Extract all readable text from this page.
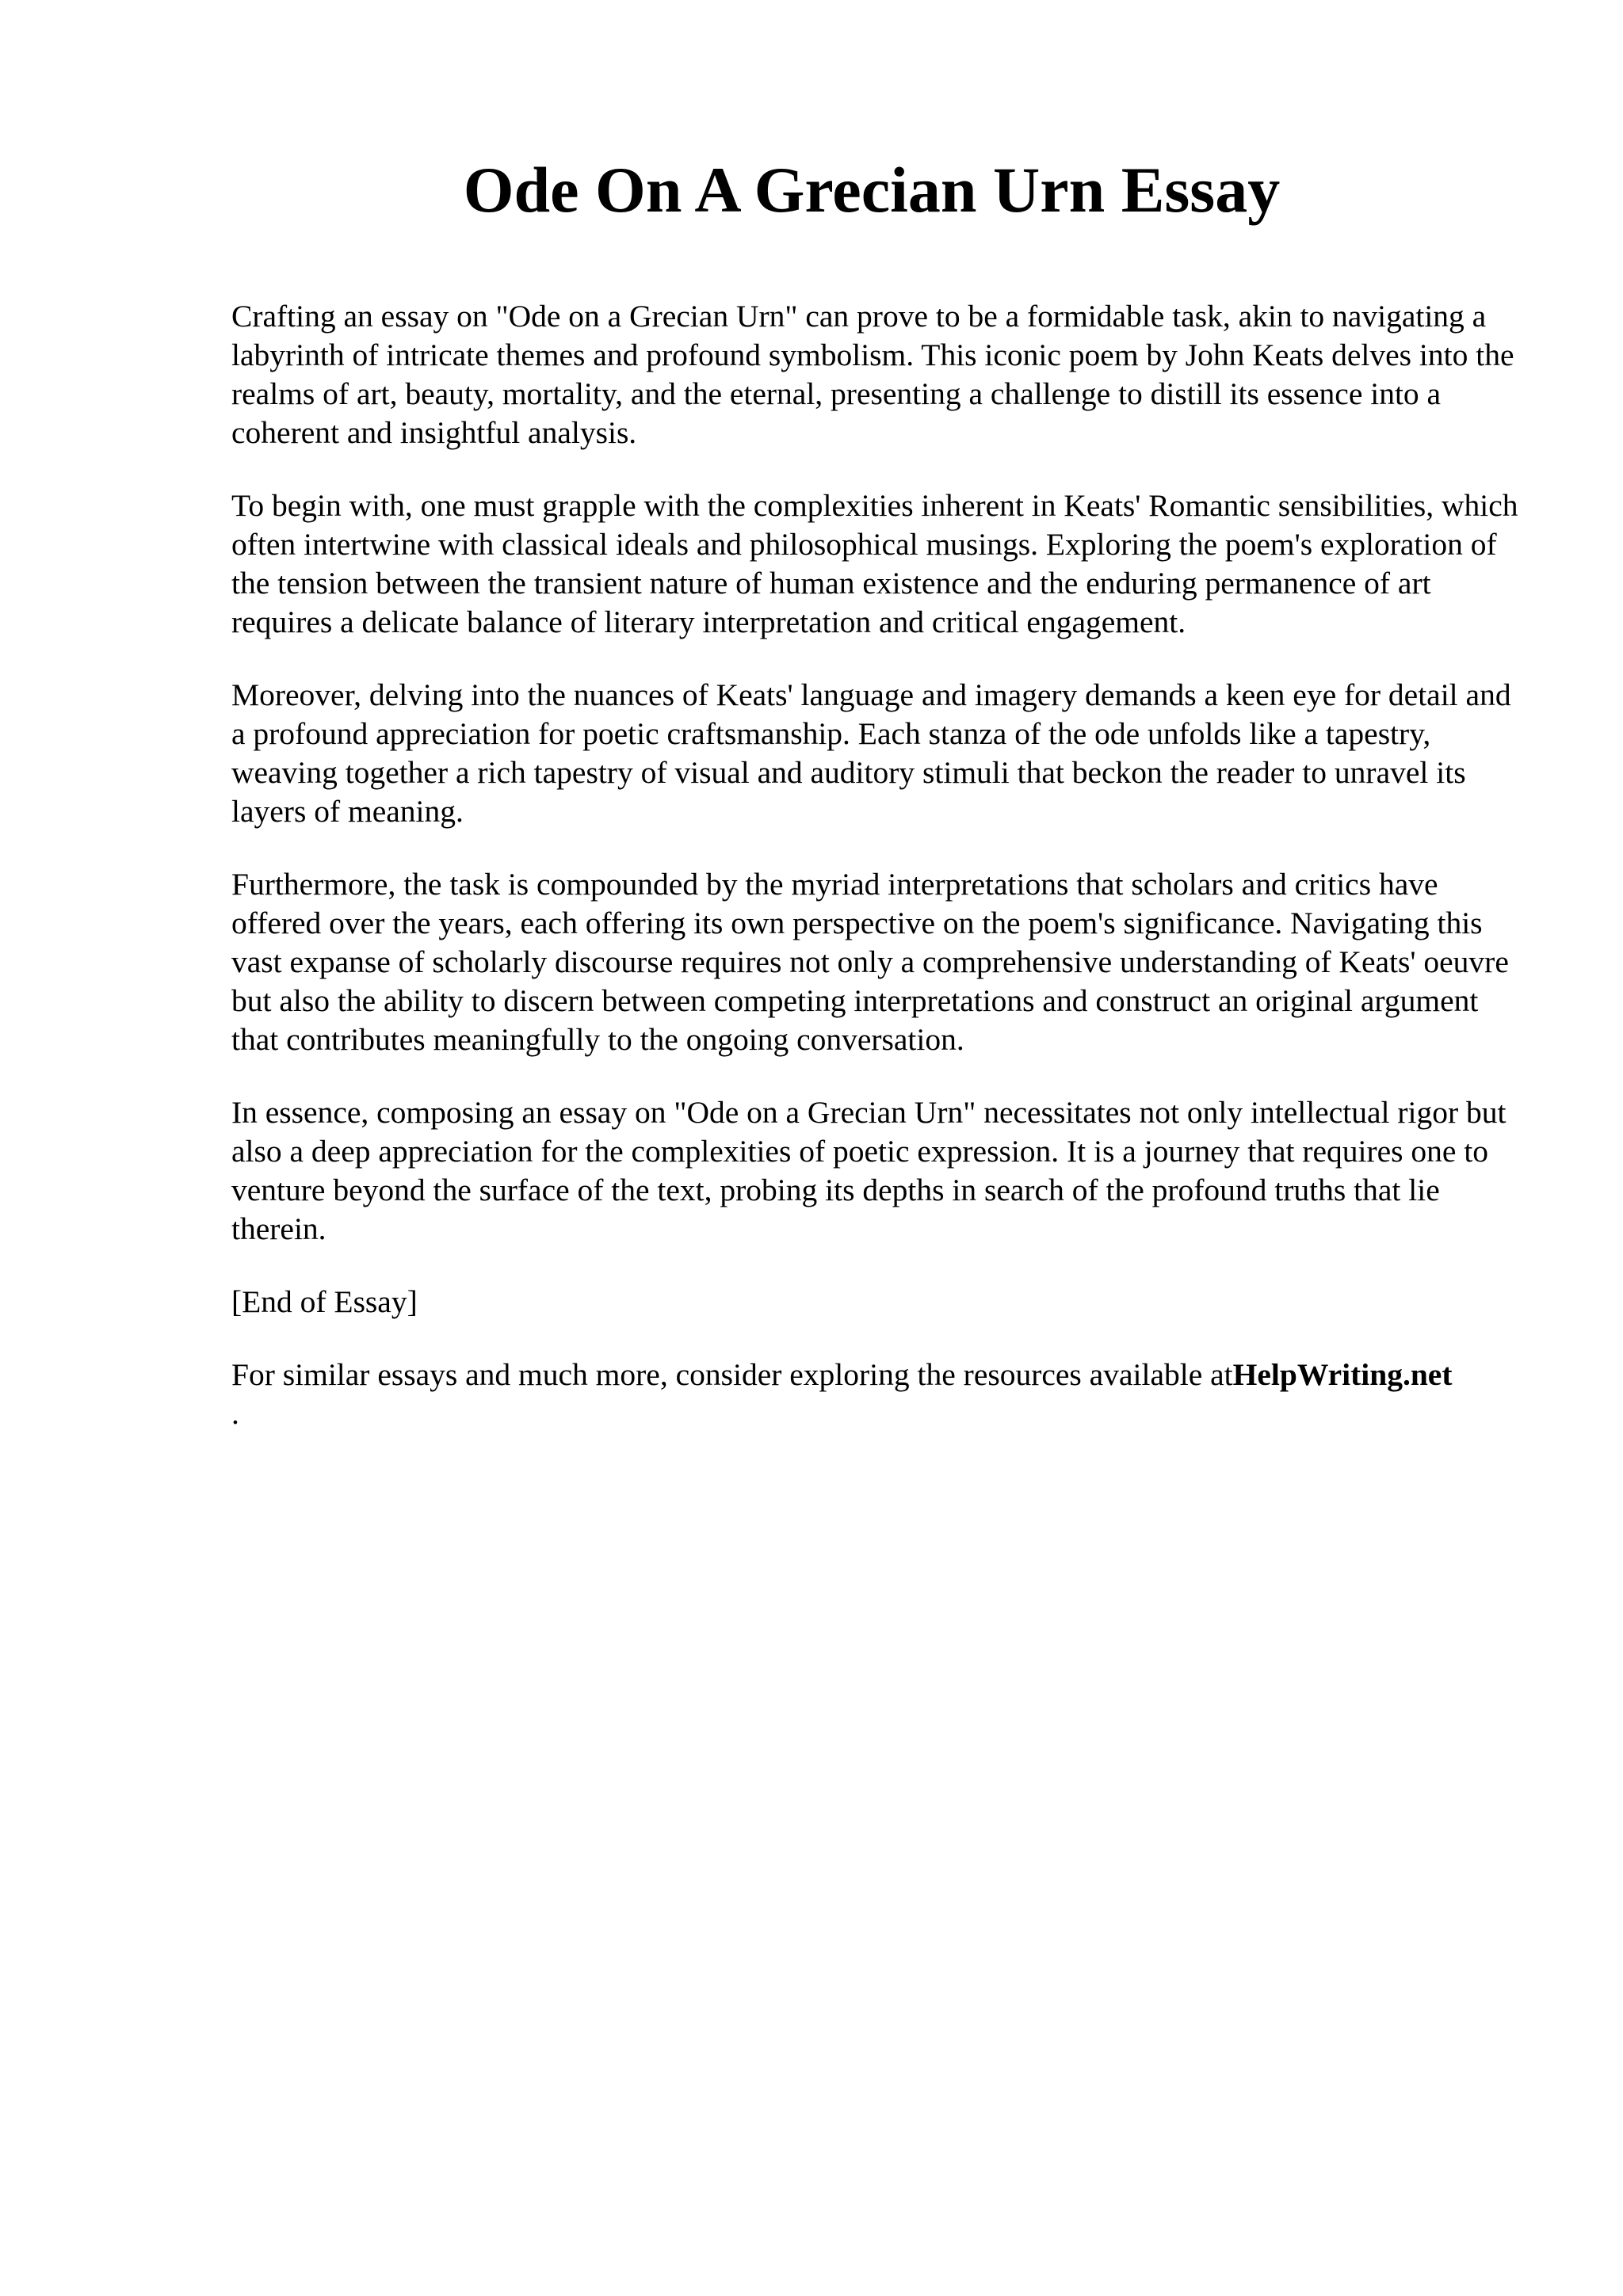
Ode On A Grecian Urn Essay

Crafting an essay on "Ode on a Grecian Urn" can prove to be a formidable task, akin to navigating a labyrinth of intricate themes and profound symbolism. This iconic poem by John Keats delves into the realms of art, beauty, mortality, and the eternal, presenting a challenge to distill its essence into a coherent and insightful analysis.

To begin with, one must grapple with the complexities inherent in Keats' Romantic sensibilities, which often intertwine with classical ideals and philosophical musings. Exploring the poem's exploration of the tension between the transient nature of human existence and the enduring permanence of art requires a delicate balance of literary interpretation and critical engagement.

Moreover, delving into the nuances of Keats' language and imagery demands a keen eye for detail and a profound appreciation for poetic craftsmanship. Each stanza of the ode unfolds like a tapestry, weaving together a rich tapestry of visual and auditory stimuli that beckon the reader to unravel its layers of meaning.

Furthermore, the task is compounded by the myriad interpretations that scholars and critics have offered over the years, each offering its own perspective on the poem's significance. Navigating this vast expanse of scholarly discourse requires not only a comprehensive understanding of Keats' oeuvre but also the ability to discern between competing interpretations and construct an original argument that contributes meaningfully to the ongoing conversation.

In essence, composing an essay on "Ode on a Grecian Urn" necessitates not only intellectual rigor but also a deep appreciation for the complexities of poetic expression. It is a journey that requires one to venture beyond the surface of the text, probing its depths in search of the profound truths that lie therein.

[End of Essay]

For similar essays and much more, consider exploring the resources available atHelpWriting.net
.
